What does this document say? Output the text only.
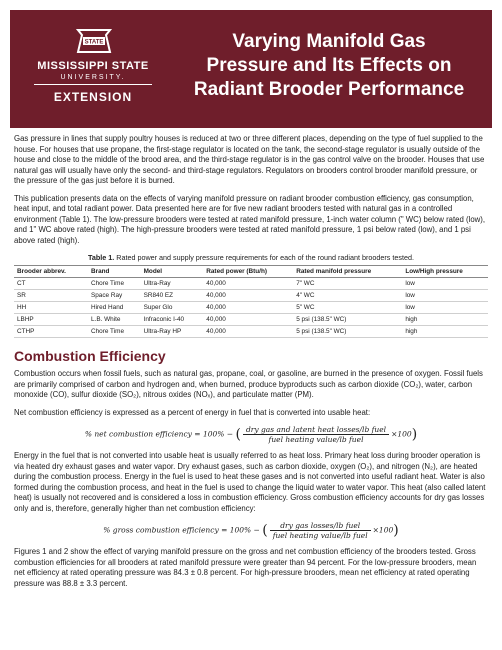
STATE
MISSISSIPPI STATE
UNIVERSITY.
EXTENSION
Varying Manifold Gas
Pressure and Its Effects on
Radiant Brooder Performance

Gas pressure in lines that supply poultry houses is reduced at two or three different places, depending on the type of fuel supplied to the house. For houses that use propane, the first-stage regulator is located on the tank, the second-stage regulator is usually outside of the house and close to the middle of the brood area, and the third-stage regulator is in the gas control valve on the brooder. Houses that use natural gas will usually have only the second- and third-stage regulators. Regulators on brooders control brooder manifold pressure, or the pressure of the gas just before it is burned.

This publication presents data on the effects of varying manifold pressure on radiant brooder combustion efficiency, gas consumption, heat input, and total radiant power. Data presented here are for five new radiant brooders tested with natural gas in a controlled environment (Table 1). The low-pressure brooders were tested at rated manifold pressure, 1-inch water column (" WC) below rated (low), and 1" WC above rated (high). The high-pressure brooders were tested at rated manifold pressure, 1 psi below rated (low), and 1 psi above rated (high).

Table 1. Rated power and supply pressure requirements for each of the round radiant brooders tested.
Brooder abbrev.	Brand	Model	Rated power (Btu/h)	Rated manifold pressure	Low/High pressure
CT	Chore Time	Ultra-Ray	40,000	7" WC	low
SR	Space Ray	SR840 EZ	40,000	4" WC	low
HH	Hired Hand	Super Glo	40,000	5" WC	low
LBHP	L.B. White	Infraconic I-40	40,000	5 psi (138.5" WC)	high
CTHP	Chore Time	Ultra-Ray HP	40,000	5 psi (138.5" WC)	high
Combustion Efficiency

Combustion occurs when fossil fuels, such as natural gas, propane, coal, or gasoline, are burned in the presence of oxygen. Fossil fuels are primarily comprised of carbon and hydrogen and, when burned, produce byproducts such as carbon dioxide (CO₂), water, carbon monoxide (CO), sulfur dioxide (SO₂), nitrous oxides (NOₓ), and particulate matter (PM).

Net combustion efficiency is expressed as a percent of energy in fuel that is converted into usable heat:

% net combustion efficiency = 100% − ( $\frac{\text{dry gas and latent heat losses/lb fuel}}{\text{fuel heating value/lb fuel}} \times 100$)

Energy in the fuel that is not converted into usable heat is usually referred to as heat loss. Primary heat loss during brooder operation is via heated dry exhaust gases and water vapor. Dry exhaust gases, such as carbon dioxide, oxygen (O₂), and nitrogen (N₂), are heated during the combustion process. Energy in the fuel is used to heat these gases and is not converted into useful radiant heat. Water is also formed during the combustion process, and heat in the fuel is used to change the liquid water to water vapor. This heat (also called latent heat) is usually not recovered and is considered a loss in combustion efficiency. Gross combustion efficiency accounts for dry gas losses only and is, therefore, generally higher than net combustion efficiency:

% gross combustion efficiency = 100% − ( $\frac{\text{dry gas losses/lb fuel}}{\text{fuel heating value/lb fuel}} \times 100$)

Figures 1 and 2 show the effect of varying manifold pressure on the gross and net combustion efficiency of the brooders tested. Gross combustion efficiencies for all brooders at rated manifold pressure were greater than 94 percent. For the low-pressure brooders, mean net efficiency at rated operating pressure was 84.3 ± 0.8 percent. For high-pressure brooders, mean net efficiency at rated operating pressure was 88.8 ± 3.3 percent.
